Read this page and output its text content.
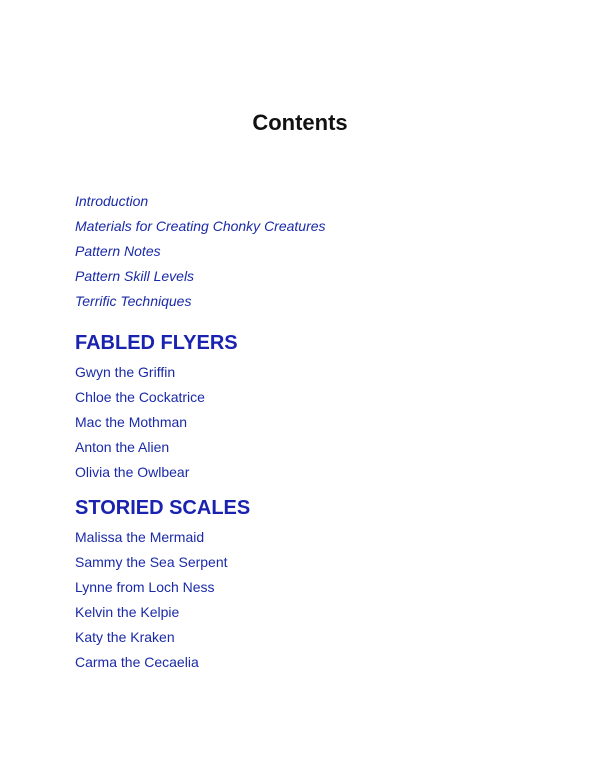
Contents
Introduction
Materials for Creating Chonky Creatures
Pattern Notes
Pattern Skill Levels
Terrific Techniques
FABLED FLYERS
Gwyn the Griffin
Chloe the Cockatrice
Mac the Mothman
Anton the Alien
Olivia the Owlbear
STORIED SCALES
Malissa the Mermaid
Sammy the Sea Serpent
Lynne from Loch Ness
Kelvin the Kelpie
Katy the Kraken
Carma the Cecaelia
